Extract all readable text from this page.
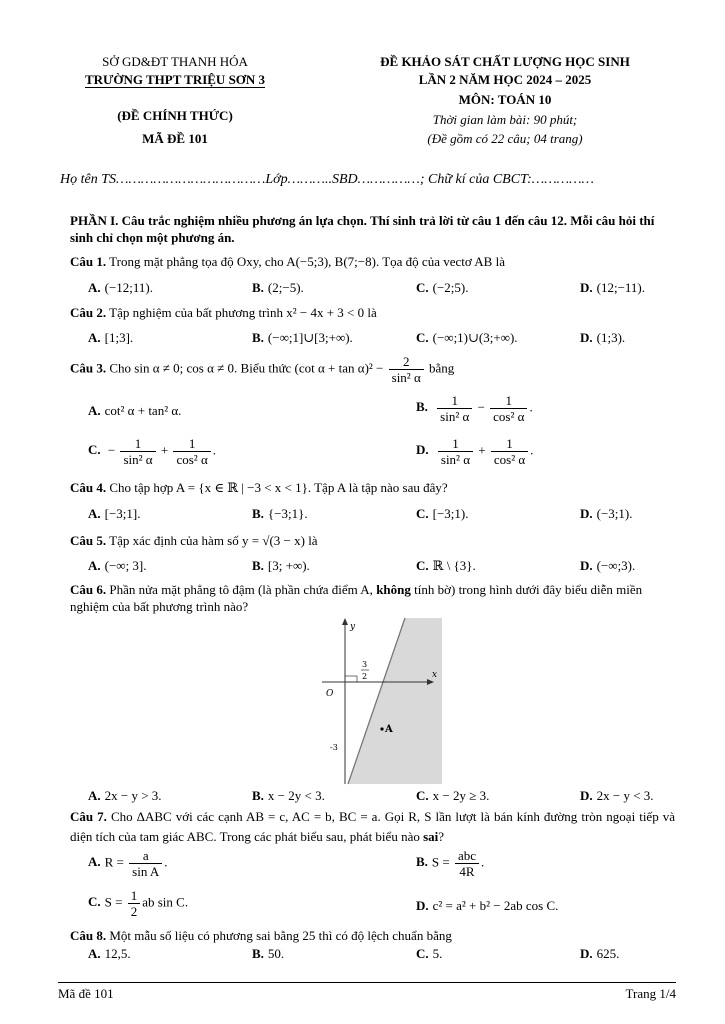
SỞ GD&ĐT THANH HÓA
TRƯỜNG THPT TRIỆU SƠN 3
(ĐỀ CHÍNH THỨC)
MÃ ĐỀ 101
ĐỀ KHẢO SÁT CHẤT LƯỢNG HỌC SINH
LẦN 2 NĂM HỌC 2024 – 2025
MÔN: TOÁN 10
Thời gian làm bài: 90 phút;
(Đề gồm có 22 câu; 04 trang)
Họ tên TS………………………………Lớp………..SBD……………; Chữ kí của CBCT:……………
PHẦN I. Câu trắc nghiệm nhiều phương án lựa chọn. Thí sinh trả lời từ câu 1 đến câu 12. Mỗi câu hỏi thí sinh chỉ chọn một phương án.
Câu 1. Trong mặt phẳng tọa độ Oxy, cho A(−5;3), B(7;−8). Tọa độ của vectơ AB là
A. (−12;11).	B. (2;−5).	C. (−2;5).	D. (12;−11).
Câu 2. Tập nghiệm của bất phương trình x² − 4x + 3 < 0 là
A. [1;3].	B. (−∞;1]∪[3;+∞).	C. (−∞;1)∪(3;+∞).	D. (1;3).
Câu 3. Cho sin α ≠ 0; cos α ≠ 0. Biểu thức (cot $\alpha + \tan \alpha)^2 - \frac{2}{\text{sin² α}}$ bằng
A. cot² α + tan² α.	B. $\frac{1}{\text{sin² α}} - \frac{1}{\text{cos² α}}$ .
C. − $\frac{1}{\text{sin² α}} + \frac{1}{\text{cos² α}}$ .	D. $\frac{1}{\text{sin² α}} + \frac{1}{\text{cos² α}}$ .
Câu 4. Cho tập hợp A = {x ∈ ℝ | −3 < x < 1}. Tập A là tập nào sau đây?
A. [−3;1].	B. {−3;1}.	C. [−3;1).	D. (−3;1).
Câu 5. Tập xác định của hàm số y = √(3 − x) là
A. (−∞; 3].	B. [3; +∞).	C. ℝ \ {3}.	D. (−∞;3).
Câu 6. Phần nửa mặt phẳng tô đậm (là phần chứa điểm A, không tính bờ) trong hình dưới đây biểu diễn miền nghiệm của bất phương trình nào?
y
x
O
3
2
-3
A
A. 2x − y > 3.	B. x − 2y < 3.	C. x − 2y ≥ 3.	D. 2x − y < 3.
Câu 7. Cho ΔABC với các cạnh AB = c, AC = b, BC = a. Gọi R, S lần lượt là bán kính đường tròn ngoại tiếp và diện tích của tam giác ABC. Trong các phát biểu sau, phát biểu nào sai?
A. $R = \frac{a}{\text{sin A}}$ .	B. $S = \frac{\text{abc}}{4R}$ .
C. $S = \frac{1}{2}$ ab sin C.	D. c² = a² + b² − 2ab cos C.
Câu 8. Một mẫu số liệu có phương sai bằng 25 thì có độ lệch chuẩn bằng
A. 12,5.	B. 50.	C. 5.	D. 625.
Mã đề 101	Trang 1/4
